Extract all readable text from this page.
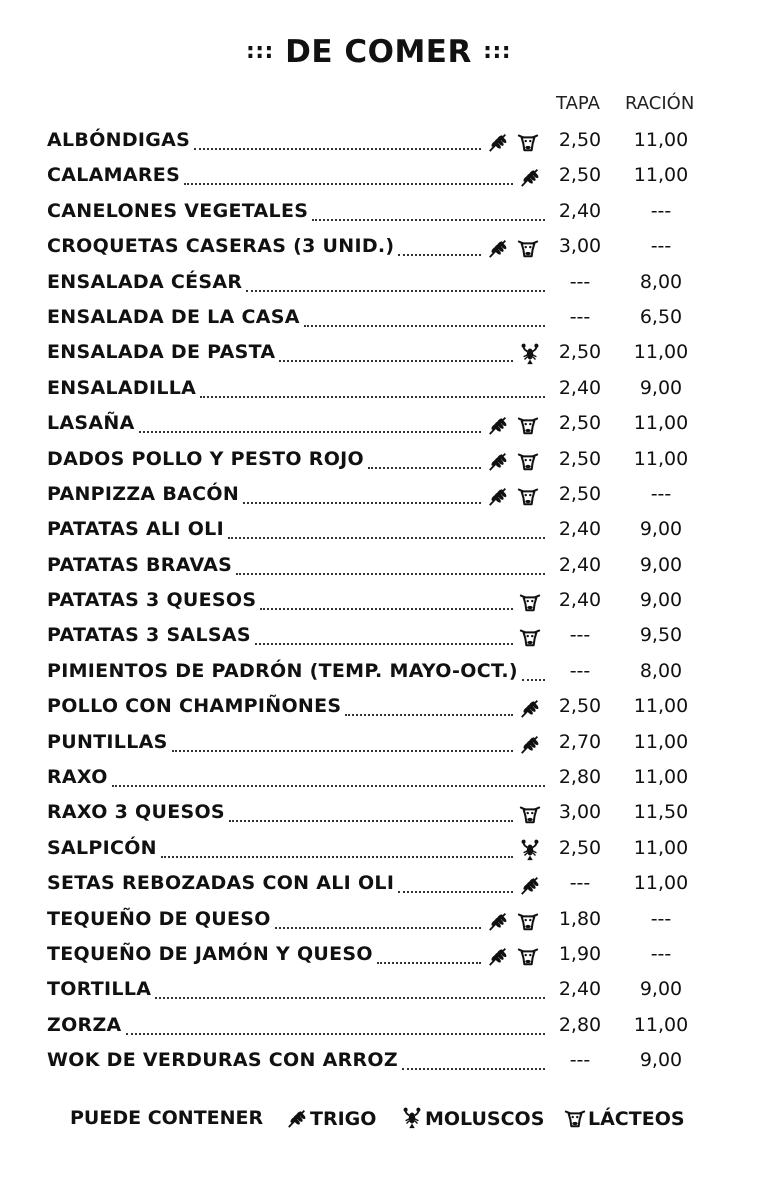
::: DE COMER :::
TAPA RACIÓN
ALBÓNDIGAS	2,50 11,00
CALAMARES	2,50 11,00
CANELONES VEGETALES	2,40	---
CROQUETAS CASERAS (3 UNID.)	3,00	---
ENSALADA CÉSAR	---	8,00
ENSALADA DE LA CASA	---	6,50
ENSALADA DE PASTA	2,50 11,00
ENSALADILLA	2,40	9,00
LASAÑA	2,50 11,00
DADOS POLLO Y PESTO ROJO	2,50 11,00
PANPIZZA BACÓN	2,50	---
PATATAS ALI OLI	2,40	9,00
PATATAS BRAVAS	2,40	9,00
PATATAS 3 QUESOS	2,40	9,00
PATATAS 3 SALSAS	---	9,50
PIMIENTOS DE PADRÓN (TEMP. MAYO-OCT.)	---	8,00
POLLO CON CHAMPIÑONES	2,50 11,00
PUNTILLAS	2,70 11,00
RAXO	2,80 11,00
RAXO 3 QUESOS	3,00 11,50
SALPICÓN	2,50 11,00
SETAS REBOZADAS CON ALI OLI	---	11,00
TEQUEÑO DE QUESO	1,80	---
TEQUEÑO DE JAMÓN Y QUESO	1,90	---
TORTILLA	2,40	9,00
ZORZA	2,80 11,00
WOK DE VERDURAS CON ARROZ	---	9,00
PUEDE CONTENER	TRIGO	MOLUSCOS	LÁCTEOS
